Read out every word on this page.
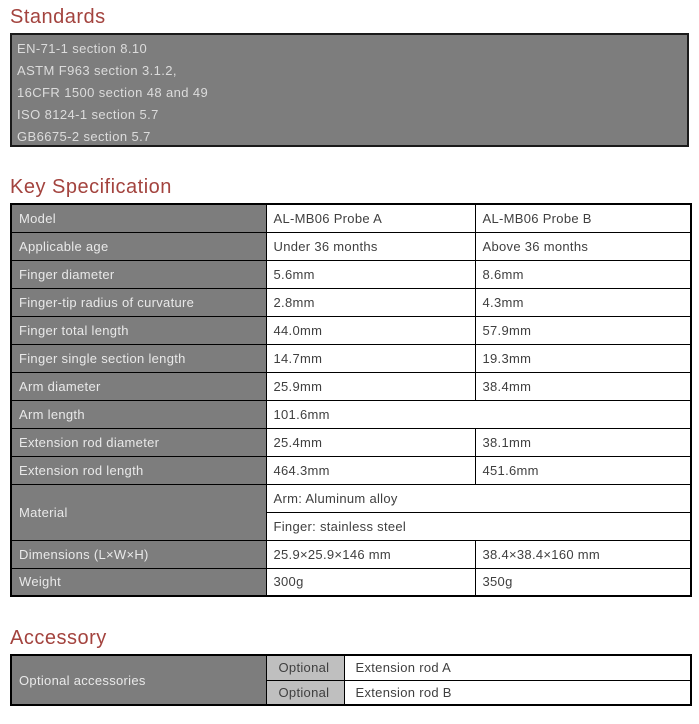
Standards
EN-71-1 section 8.10
ASTM F963 section 3.1.2,
16CFR 1500 section 48 and 49
ISO 8124-1 section 5.7
GB6675-2 section 5.7
Key Specification
Model	AL-MB06 Probe A	AL-MB06 Probe B
Applicable age	Under 36 months	Above 36 months
Finger diameter	5.6mm	8.6mm
Finger-tip radius of curvature	2.8mm	4.3mm
Finger total length	44.0mm	57.9mm
Finger single section length	14.7mm	19.3mm
Arm diameter	25.9mm	38.4mm
Arm length	101.6mm	
Extension rod diameter	25.4mm	38.1mm
Extension rod length	464.3mm	451.6mm
Material	Arm: Aluminum alloy	
	Finger: stainless steel	
Dimensions (L×W×H)	25.9×25.9×146 mm	38.4×38.4×160 mm
Weight	300g	350g
Accessory
Optional accessories	Optional	Extension rod A
	Optional	Extension rod B
